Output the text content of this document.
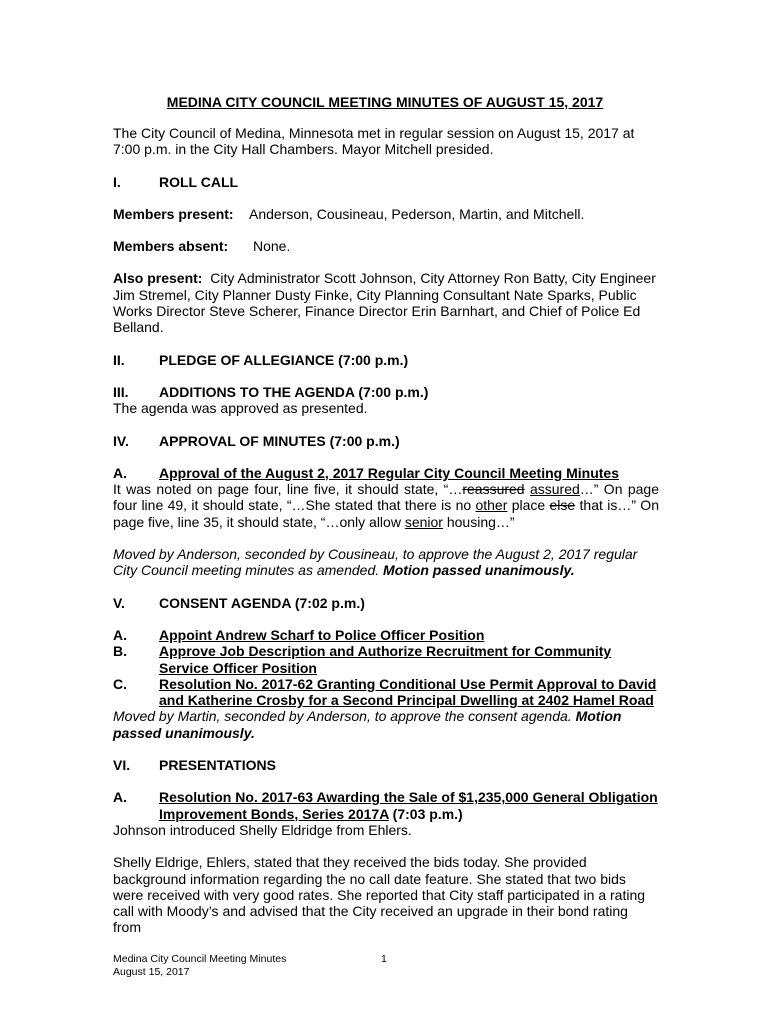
MEDINA CITY COUNCIL MEETING MINUTES OF AUGUST 15, 2017

The City Council of Medina, Minnesota met in regular session on August 15, 2017 at 7:00 p.m. in the City Hall Chambers. Mayor Mitchell presided.

I.	ROLL CALL
Members present:	Anderson, Cousineau, Pederson, Martin, and Mitchell.
Members absent:	None.

Also present: City Administrator Scott Johnson, City Attorney Ron Batty, City Engineer Jim Stremel, City Planner Dusty Finke, City Planning Consultant Nate Sparks, Public Works Director Steve Scherer, Finance Director Erin Barnhart, and Chief of Police Ed Belland.

II.	PLEDGE OF ALLEGIANCE (7:00 p.m.)
III.	ADDITIONS TO THE AGENDA (7:00 p.m.)

The agenda was approved as presented.

IV.	APPROVAL OF MINUTES (7:00 p.m.)
A.	Approval of the August 2, 2017 Regular City Council Meeting Minutes

It was noted on page four, line five, it should state, “…reassured assured…” On page four line 49, it should state, “…She stated that there is no other place else that is…” On page five, line 35, it should state, “…only allow senior housing…”

Moved by Anderson, seconded by Cousineau, to approve the August 2, 2017 regular City Council meeting minutes as amended. Motion passed unanimously.

V.	CONSENT AGENDA (7:02 p.m.)
A.	Appoint Andrew Scharf to Police Officer Position
B.	Approve Job Description and Authorize Recruitment for Community Service Officer Position
C.	Resolution No. 2017-62 Granting Conditional Use Permit Approval to David and Katherine Crosby for a Second Principal Dwelling at 2402 Hamel Road

Moved by Martin, seconded by Anderson, to approve the consent agenda. Motion passed unanimously.

VI.	PRESENTATIONS
A.	Resolution No. 2017-63 Awarding the Sale of $1,235,000 General Obligation Improvement Bonds, Series 2017A (7:03 p.m.)

Johnson introduced Shelly Eldridge from Ehlers.

Shelly Eldrige, Ehlers, stated that they received the bids today. She provided background information regarding the no call date feature. She stated that two bids were received with very good rates. She reported that City staff participated in a rating call with Moody’s and advised that the City received an upgrade in their bond rating from

Medina City Council Meeting Minutes
August 15, 2017
1
